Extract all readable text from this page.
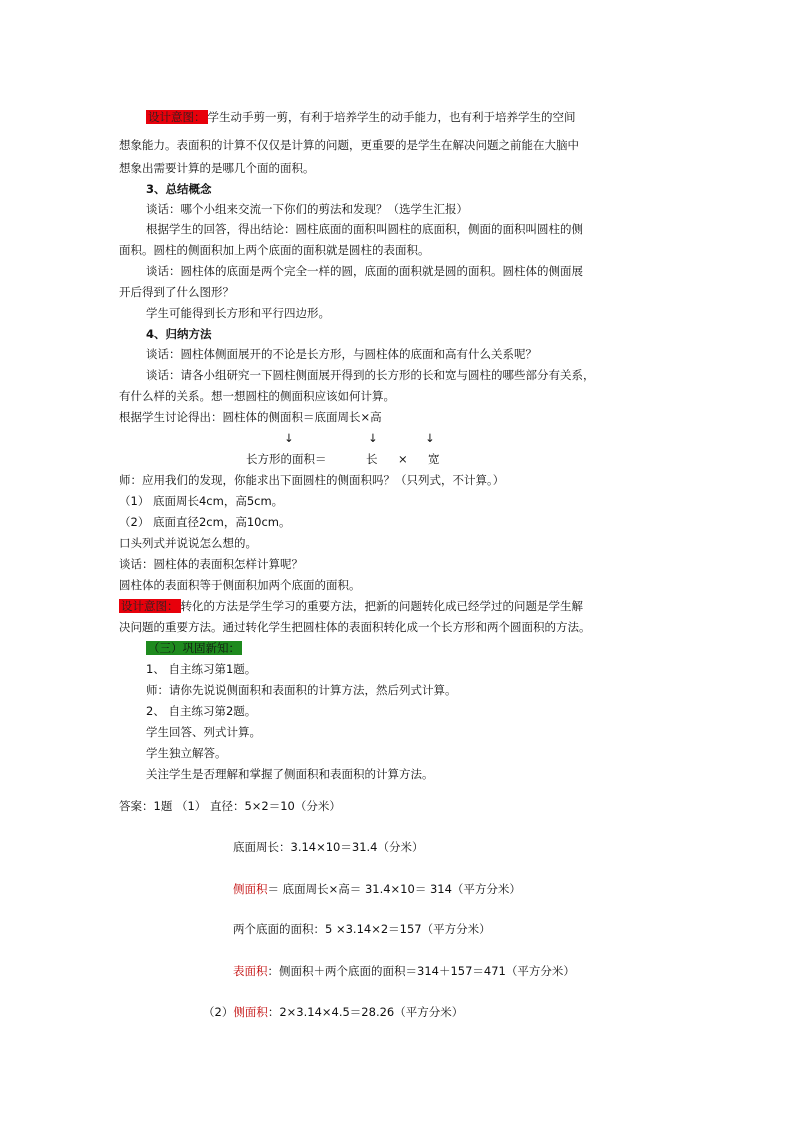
设计意图： 学生动手剪一剪，有利于培养学生的动手能力，也有利于培养学生的空间
想象能力。表面积的计算不仅仅是计算的问题，更重要的是学生在解决问题之前能在大脑中
想象出需要计算的是哪几个面的面积。
3、总结概念
谈话：哪个小组来交流一下你们的剪法和发现？（选学生汇报）
根据学生的回答，得出结论：圆柱底面的面积叫圆柱的底面积，侧面的面积叫圆柱的侧
面积。圆柱的侧面积加上两个底面的面积就是圆柱的表面积。
谈话：圆柱体的底面是两个完全一样的圆，底面的面积就是圆的面积。圆柱体的侧面展
开后得到了什么图形？
学生可能得到长方形和平行四边形。
4、归纳方法
谈话：圆柱体侧面展开的不论是长方形，与圆柱体的底面和高有什么关系呢？
谈话：请各小组研究一下圆柱侧面展开得到的长方形的长和宽与圆柱的哪些部分有关系，
有什么样的关系。想一想圆柱的侧面积应该如何计算。
根据学生讨论得出：圆柱体的侧面积＝底面周长×高
↓	↓	↓
长方形的面积＝	长 × 宽
师：应用我们的发现，你能求出下面圆柱的侧面积吗？（只列式，不计算。）
（1） 底面周长4cm，高5cm。
（2） 底面直径2cm，高10cm。
口头列式并说说怎么想的。
谈话：圆柱体的表面积怎样计算呢？
圆柱体的表面积等于侧面积加两个底面的面积。
设计意图： 转化的方法是学生学习的重要方法，把新的问题转化成已经学过的问题是学生解
决问题的重要方法。通过转化学生把圆柱体的表面积转化成一个长方形和两个圆面积的方法。
（三）巩固新知：
1、 自主练习第1题。
师：请你先说说侧面积和表面积的计算方法，然后列式计算。
2、 自主练习第2题。
学生回答、列式计算。
学生独立解答。
关注学生是否理解和掌握了侧面积和表面积的计算方法。
答案：1题 （1） 直径：5×2＝10（分米）
底面周长：3.14×10＝31.4（分米）
侧面积＝ 底面周长×高＝ 31.4×10＝ 314（平方分米）
两个底面的面积：5 ×3.14×2＝157（平方分米）
表面积：侧面积＋两个底面的面积＝314＋157＝471（平方分米）
（2）侧面积：2×3.14×4.5＝28.26（平方分米）
